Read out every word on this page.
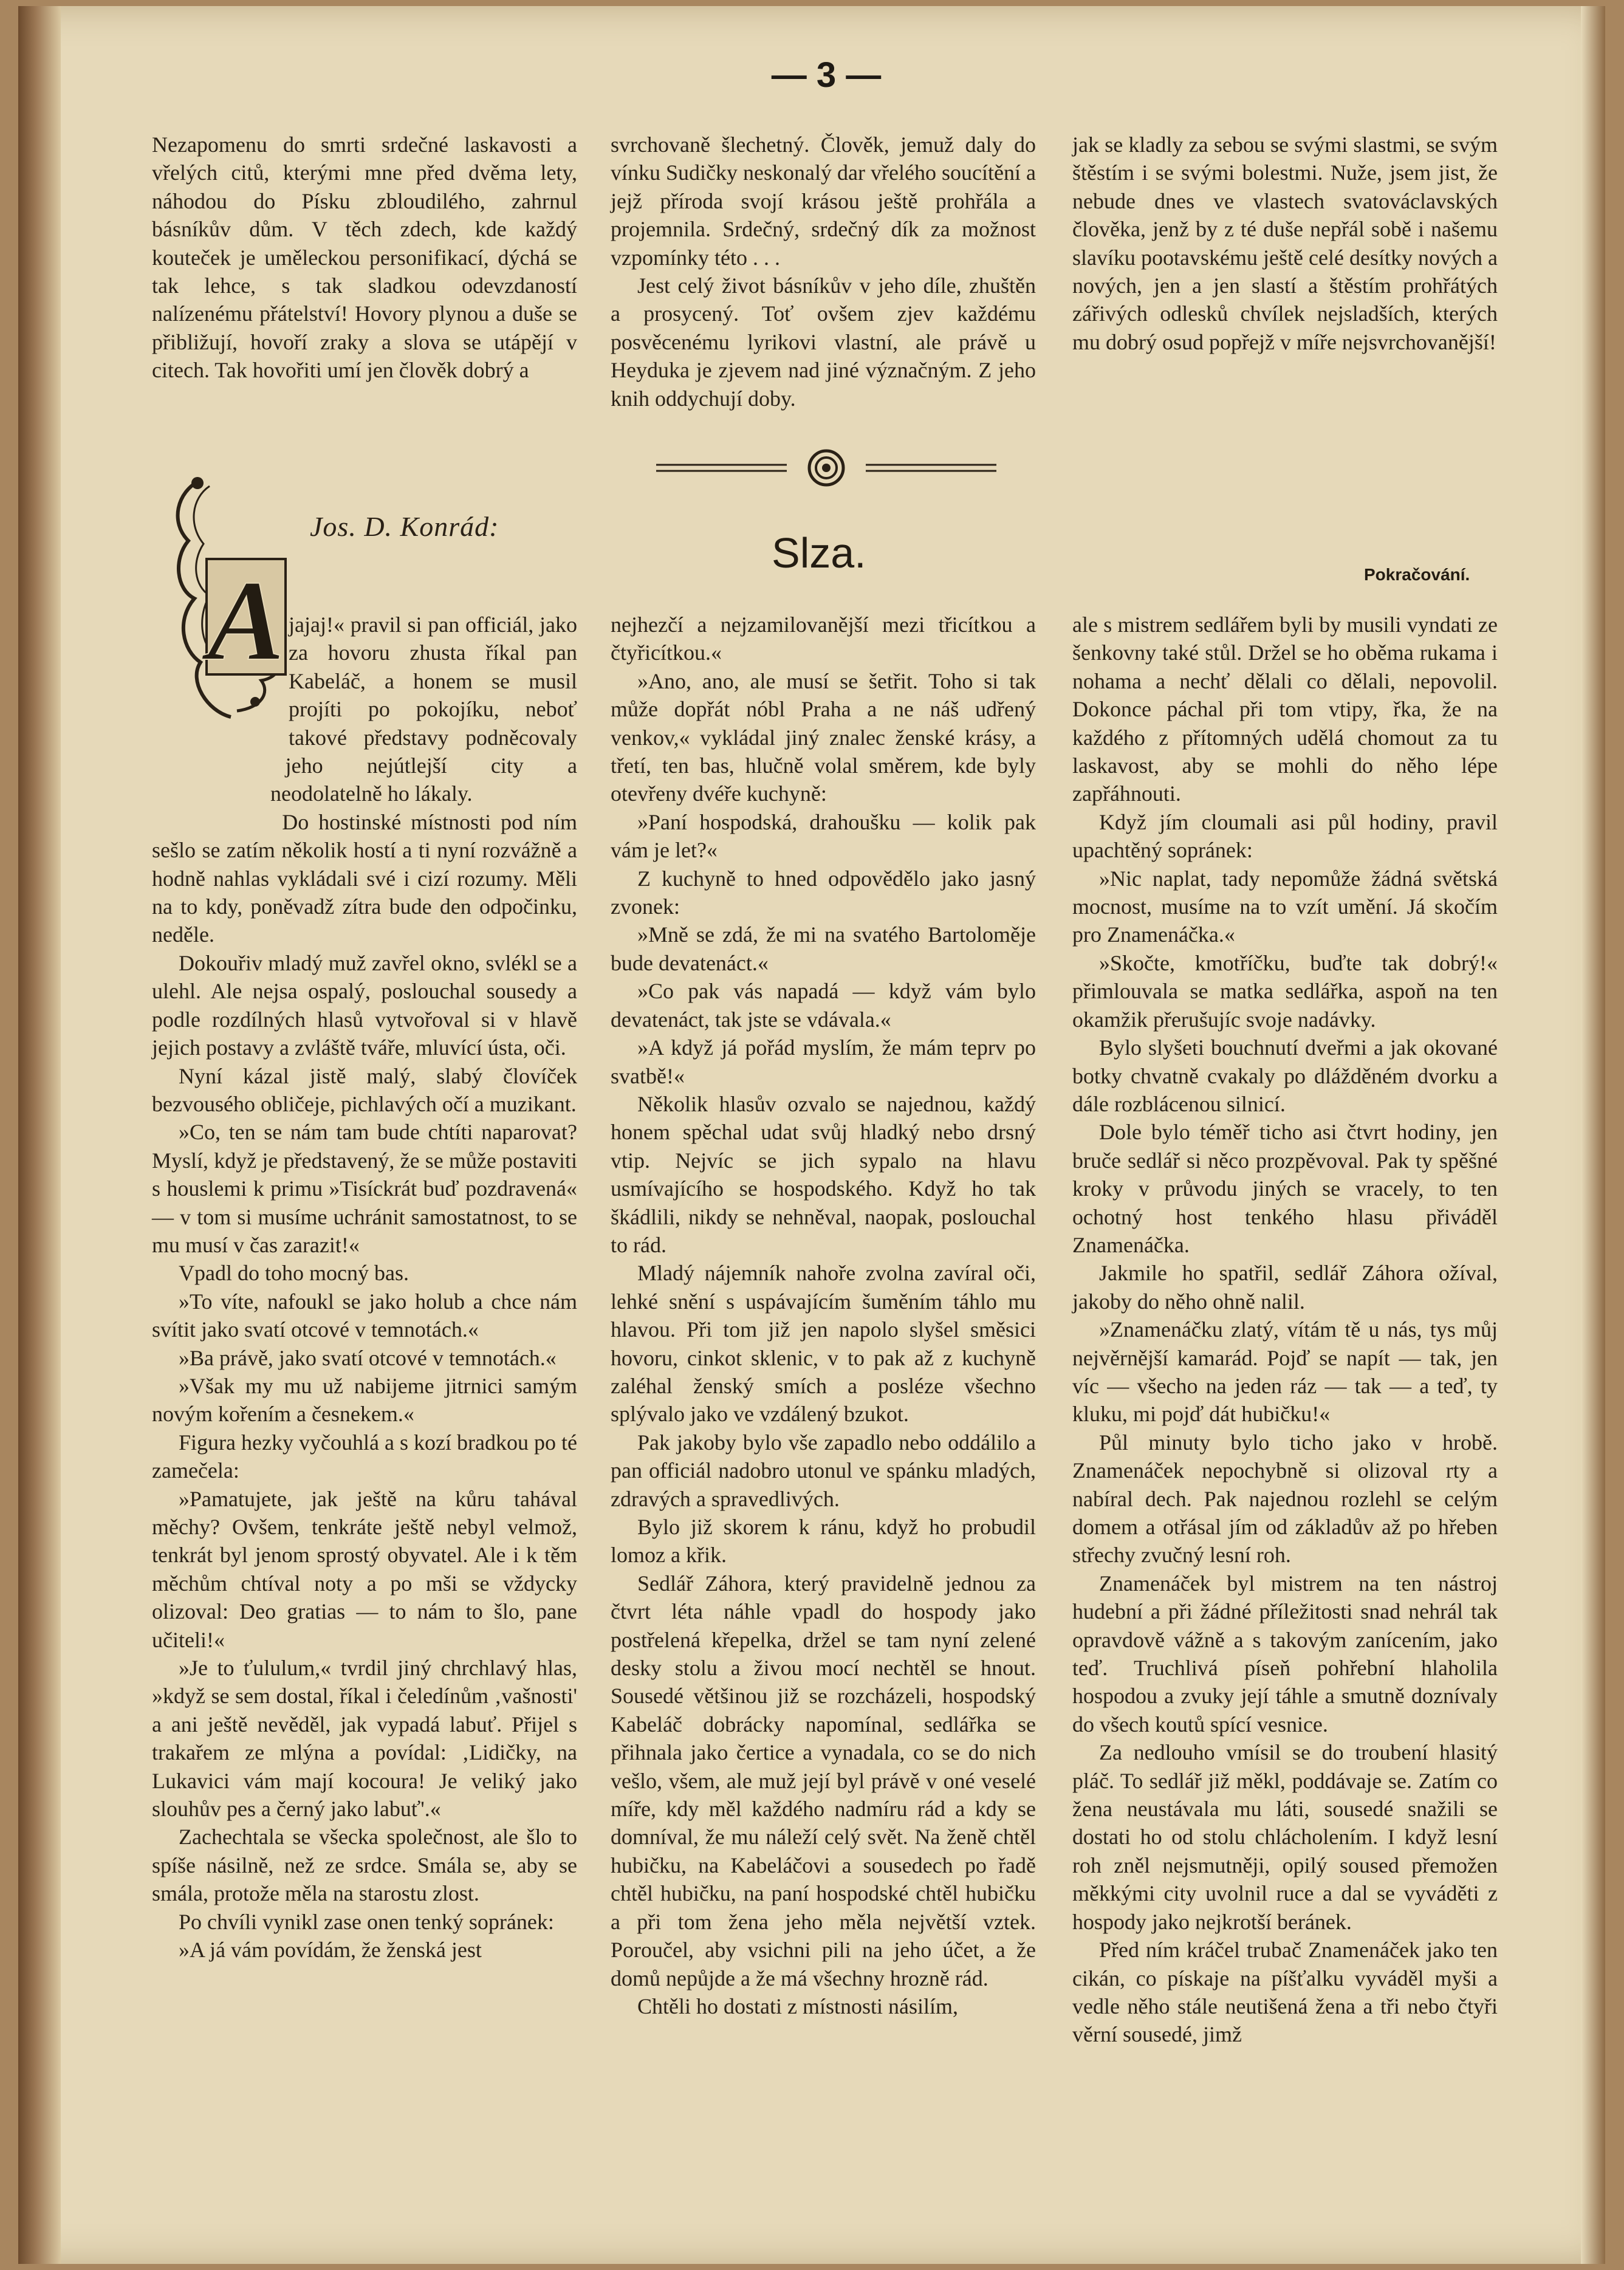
— 3 —

Nezapomenu do smrti srdečné laskavosti a vřelých citů, kterými mne před dvěma lety, náhodou do Písku zbloudilého, zahrnul básníkův dům. V těch zdech, kde každý kouteček je uměleckou personifikací, dýchá se tak lehce, s tak sladkou odevzdaností nalízenému přátelství! Hovory plynou a duše se přibližují, hovoří zraky a slova se utápějí v citech. Tak hovořiti umí jen člověk dobrý a

svrchovaně šlechetný. Člověk, jemuž daly do vínku Sudičky neskonalý dar vřelého soucítění a jejž příroda svojí krásou ještě prohřála a projemnila. Srdečný, srdečný dík za možnost vzpomínky této . . .

Jest celý život básníkův v jeho díle, zhuštěn a prosycený. Toť ovšem zjev každému posvěcenému lyrikovi vlastní, ale právě u Heyduka je zjevem nad jiné význačným. Z jeho knih oddychují doby.

jak se kladly za sebou se svými slastmi, se svým štěstím i se svými bolestmi. Nuže, jsem jist, že nebude dnes ve vlastech svatováclavských člověka, jenž by z té duše nepřál sobě i našemu slavíku pootavskému ještě celé desítky nových a nových, jen a jen slastí a štěstím prohřátých zářivých odlesků chvílek nejsladších, kterých mu dobrý osud popřejž v míře nejsvrchovanější!

Jos. D. Konrád:
Slza.	Pokračování.
A jajaj!« pravil si pan officiál, jako za hovoru zhusta říkal pan Kabeláč, a honem se musil projíti po pokojíku, neboť takové představy podněcovaly jeho nejútlejší city a neodolatelně ho lákaly.

Do hostinské místnosti pod ním sešlo se zatím několik hostí a ti nyní rozvážně a hodně nahlas vykládali své i cizí rozumy. Měli na to kdy, poněvadž zítra bude den odpočinku, neděle.

Dokouřiv mladý muž zavřel okno, svlékl se a ulehl. Ale nejsa ospalý, poslouchal sousedy a podle rozdílných hlasů vytvořoval si v hlavě jejich postavy a zvláště tváře, mluvící ústa, oči.

Nyní kázal jistě malý, slabý človíček bezvousého obličeje, pichlavých očí a muzikant.

»Co, ten se nám tam bude chtíti naparovat? Myslí, když je představený, že se může postaviti s houslemi k primu »Tisíckrát buď pozdravená« — v tom si musíme uchránit samostatnost, to se mu musí v čas zarazit!«

Vpadl do toho mocný bas.

»To víte, nafoukl se jako holub a chce nám svítit jako svatí otcové v temnotách.«

»Ba právě, jako svatí otcové v temnotách.«

»Však my mu už nabijeme jitrnici samým novým kořením a česnekem.«

Figura hezky vyčouhlá a s kozí bradkou po té zamečela:

»Pamatujete, jak ještě na kůru tahával měchy? Ovšem, tenkráte ještě nebyl velmož, tenkrát byl jenom sprostý obyvatel. Ale i k těm měchům chtíval noty a po mši se vždycky olizoval: Deo gratias — to nám to šlo, pane učiteli!«

»Je to ťululum,« tvrdil jiný chrchlavý hlas, »když se sem dostal, říkal i čeledínům ‚vašnosti' a ani ještě nevěděl, jak vypadá labuť. Přijel s trakařem ze mlýna a povídal: ‚Lidičky, na Lukavici vám mají kocoura! Je veliký jako slouhův pes a černý jako labuť'.«

Zachechtala se všecka společnost, ale šlo to spíše násilně, než ze srdce. Smála se, aby se smála, protože měla na starostu zlost.

Po chvíli vynikl zase onen tenký sopránek:

»A já vám povídám, že ženská jest

nejhezčí a nejzamilovanější mezi třicítkou a čtyřicítkou.«

»Ano, ano, ale musí se šetřit. Toho si tak může dopřát nóbl Praha a ne náš udřený venkov,« vykládal jiný znalec ženské krásy, a třetí, ten bas, hlučně volal směrem, kde byly otevřeny dvéře kuchyně:

»Paní hospodská, drahoušku — kolik pak vám je let?«

Z kuchyně to hned odpovědělo jako jasný zvonek:

»Mně se zdá, že mi na svatého Bartoloměje bude devatenáct.«

»Co pak vás napadá — když vám bylo devatenáct, tak jste se vdávala.«

»A když já pořád myslím, že mám teprv po svatbě!«

Několik hlasův ozvalo se najednou, každý honem spěchal udat svůj hladký nebo drsný vtip. Nejvíc se jich sypalo na hlavu usmívajícího se hospodského. Když ho tak škádlili, nikdy se nehněval, naopak, poslouchal to rád.

Mladý nájemník nahoře zvolna zavíral oči, lehké snění s uspávajícím šuměním táhlo mu hlavou. Při tom již jen napolo slyšel směsici hovoru, cinkot sklenic, v to pak až z kuchyně zaléhal ženský smích a posléze všechno splývalo jako ve vzdálený bzukot.

Pak jakoby bylo vše zapadlo nebo oddálilo a pan officiál nadobro utonul ve spánku mladých, zdravých a spravedlivých.

Bylo již skorem k ránu, když ho probudil lomoz a křik.

Sedlář Záhora, který pravidelně jednou za čtvrt léta náhle vpadl do hospody jako postřelená křepelka, držel se tam nyní zelené desky stolu a živou mocí nechtěl se hnout. Sousedé většinou již se rozcházeli, hospodský Kabeláč dobrácky napomínal, sedlářka se přihnala jako čertice a vynadala, co se do nich vešlo, všem, ale muž její byl právě v oné veselé míře, kdy měl každého nadmíru rád a kdy se domníval, že mu náleží celý svět. Na ženě chtěl hubičku, na Kabeláčovi a sousedech po řadě chtěl hubičku, na paní hospodské chtěl hubičku a při tom žena jeho měla největší vztek. Poroučel, aby vsichni pili na jeho účet, a že domů nepůjde a že má všechny hrozně rád.

Chtěli ho dostati z místnosti násilím,

ale s mistrem sedlářem byli by musili vyndati ze šenkovny také stůl. Držel se ho oběma rukama i nohama a nechť dělali co dělali, nepovolil. Dokonce páchal při tom vtipy, řka, že na každého z přítomných udělá chomout za tu laskavost, aby se mohli do něho lépe zapřáhnouti.

Když jím cloumali asi půl hodiny, pravil upachtěný sopránek:

»Nic naplat, tady nepomůže žádná světská mocnost, musíme na to vzít umění. Já skočím pro Znamenáčka.«

»Skočte, kmotříčku, buďte tak dobrý!« přimlouvala se matka sedlářka, aspoň na ten okamžik přerušujíc svoje nadávky.

Bylo slyšeti bouchnutí dveřmi a jak okované botky chvatně cvakaly po dlážděném dvorku a dále rozblácenou silnicí.

Dole bylo téměř ticho asi čtvrt hodiny, jen bruče sedlář si něco prozpěvoval. Pak ty spěšné kroky v průvodu jiných se vracely, to ten ochotný host tenkého hlasu přiváděl Znamenáčka.

Jakmile ho spatřil, sedlář Záhora ožíval, jakoby do něho ohně nalil.

»Znamenáčku zlatý, vítám tě u nás, tys můj nejvěrnější kamarád. Pojď se napít — tak, jen víc — všecho na jeden ráz — tak — a teď, ty kluku, mi pojď dát hubičku!«

Půl minuty bylo ticho jako v hrobě. Znamenáček nepochybně si olizoval rty a nabíral dech. Pak najednou rozlehl se celým domem a otřásal jím od základův až po hřeben střechy zvučný lesní roh.

Znamenáček byl mistrem na ten nástroj hudební a při žádné příležitosti snad nehrál tak opravdově vážně a s takovým zanícením, jako teď. Truchlivá píseň pohřební hlaholila hospodou a zvuky její táhle a smutně doznívaly do všech koutů spící vesnice.

Za nedlouho vmísil se do troubení hlasitý pláč. To sedlář již měkl, poddávaje se. Zatím co žena neustávala mu láti, sousedé snažili se dostati ho od stolu chlácholením. I když lesní roh zněl nejsmutněji, opilý soused přemožen měkkými city uvolnil ruce a dal se vyváděti z hospody jako nejkrotší beránek.

Před ním kráčel trubač Znamenáček jako ten cikán, co pískaje na píšťalku vyváděl myši a vedle něho stále neutišená žena a tři nebo čtyři věrní sousedé, jimž
